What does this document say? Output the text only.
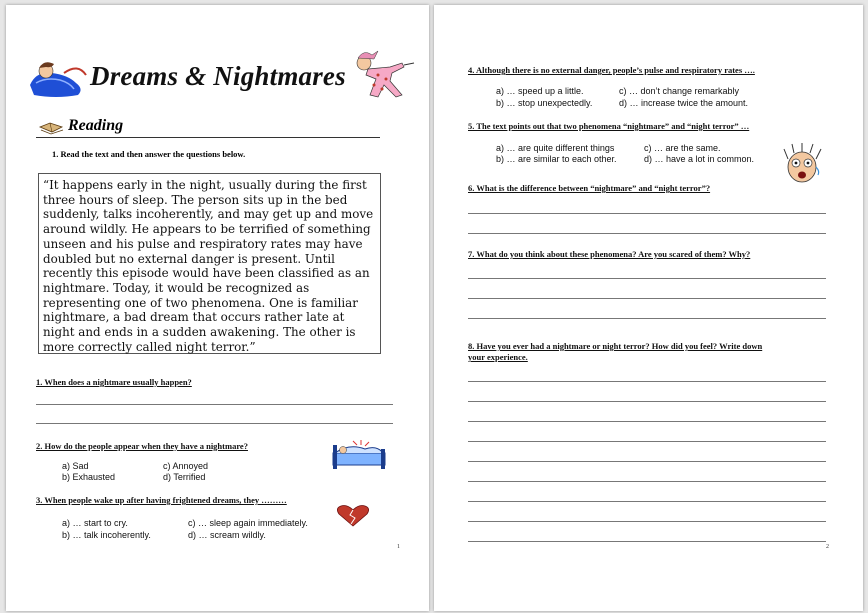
Dreams & Nightmares
Reading
1. Read the text and then answer the questions below.
“It happens early in the night, usually during the first three hours of sleep. The person sits up in the bed suddenly, talks incoherently, and may get up and move around wildly. He appears to be terrified of something unseen and his pulse and respiratory rates may have doubled but no external danger is present. Until recently this episode would have been classified as an nightmare. Today, it would be recognized as representing one of two phenomena. One is familiar nightmare, a bad dream that occurs rather late at night and ends in a sudden awakening. The other is more correctly called night terror.”
1. When does a nightmare usually happen?
2. How do the people appear when they have a nightmare?
a) Sad	c) Annoyed
b) Exhausted	d) Terrified
3. When people wake up after having frightened dreams, they ………
a) … start to cry.	c) … sleep again immediately.
b) … talk incoherently.	d) … scream wildly.
1
4. Although there is no external danger, people’s pulse and respiratory rates ….
a) … speed up a little.	c) … don’t change remarkably
b) … stop unexpectedly.	d) … increase twice the amount.
5. The text points out that two phenomena “nightmare” and “night terror” …
a) … are quite different things	c) … are the same.
b) … are similar to each other.	d) … have a lot in common.
6. What is the difference between “nightmare” and “night terror”?
7. What do you think about these phenomena? Are you scared of them? Why?
8. Have you ever had a nightmare or night terror? How did you feel? Write down
your experience.
2
